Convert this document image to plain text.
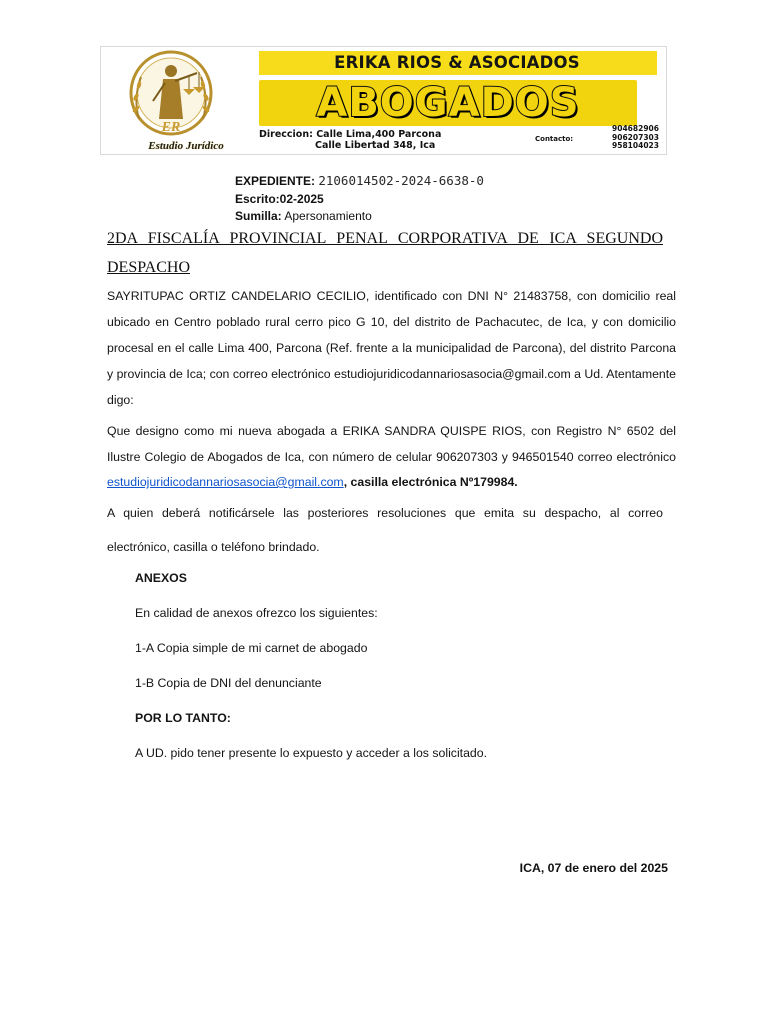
ER
Estudio Jurídico
ERIKA RIOS & ASOCIADOS
ABOGADOS
Direccion: Calle Lima,400 Parcona
Calle Libertad 348, Ica
Contacto:
904682906
906207303
958104023
EXPEDIENTE: 2106014502-2024-6638-0
Escrito:02-2025
Sumilla: Apersonamiento
2DA FISCALÍA PROVINCIAL PENAL CORPORATIVA DE ICA SEGUNDO DESPACHO
SAYRITUPAC ORTIZ CANDELARIO CECILIO, identificado con DNI N° 21483758, con domicilio real ubicado en Centro poblado rural cerro pico G 10, del distrito de Pachacutec, de Ica, y con domicilio procesal en el calle Lima 400, Parcona (Ref. frente a la municipalidad de Parcona), del distrito Parcona y provincia de Ica; con correo electrónico estudiojuridicodannariosasocia@gmail.com a Ud. Atentamente digo:
Que designo como mi nueva abogada a ERIKA SANDRA QUISPE RIOS, con Registro N° 6502 del Ilustre Colegio de Abogados de Ica, con número de celular 906207303 y 946501540 correo electrónico estudiojuridicodannariosasocia@gmail.com, casilla electrónica Nº179984.
A quien deberá notificársele las posteriores resoluciones que emita su despacho, al correo electrónico, casilla o teléfono brindado.
ANEXOS
En calidad de anexos ofrezco los siguientes:
1-A Copia simple de mi carnet de abogado
1-B Copia de DNI del denunciante
POR LO TANTO:
A UD. pido tener presente lo expuesto y acceder a los solicitado.
ICA, 07 de enero del 2025
